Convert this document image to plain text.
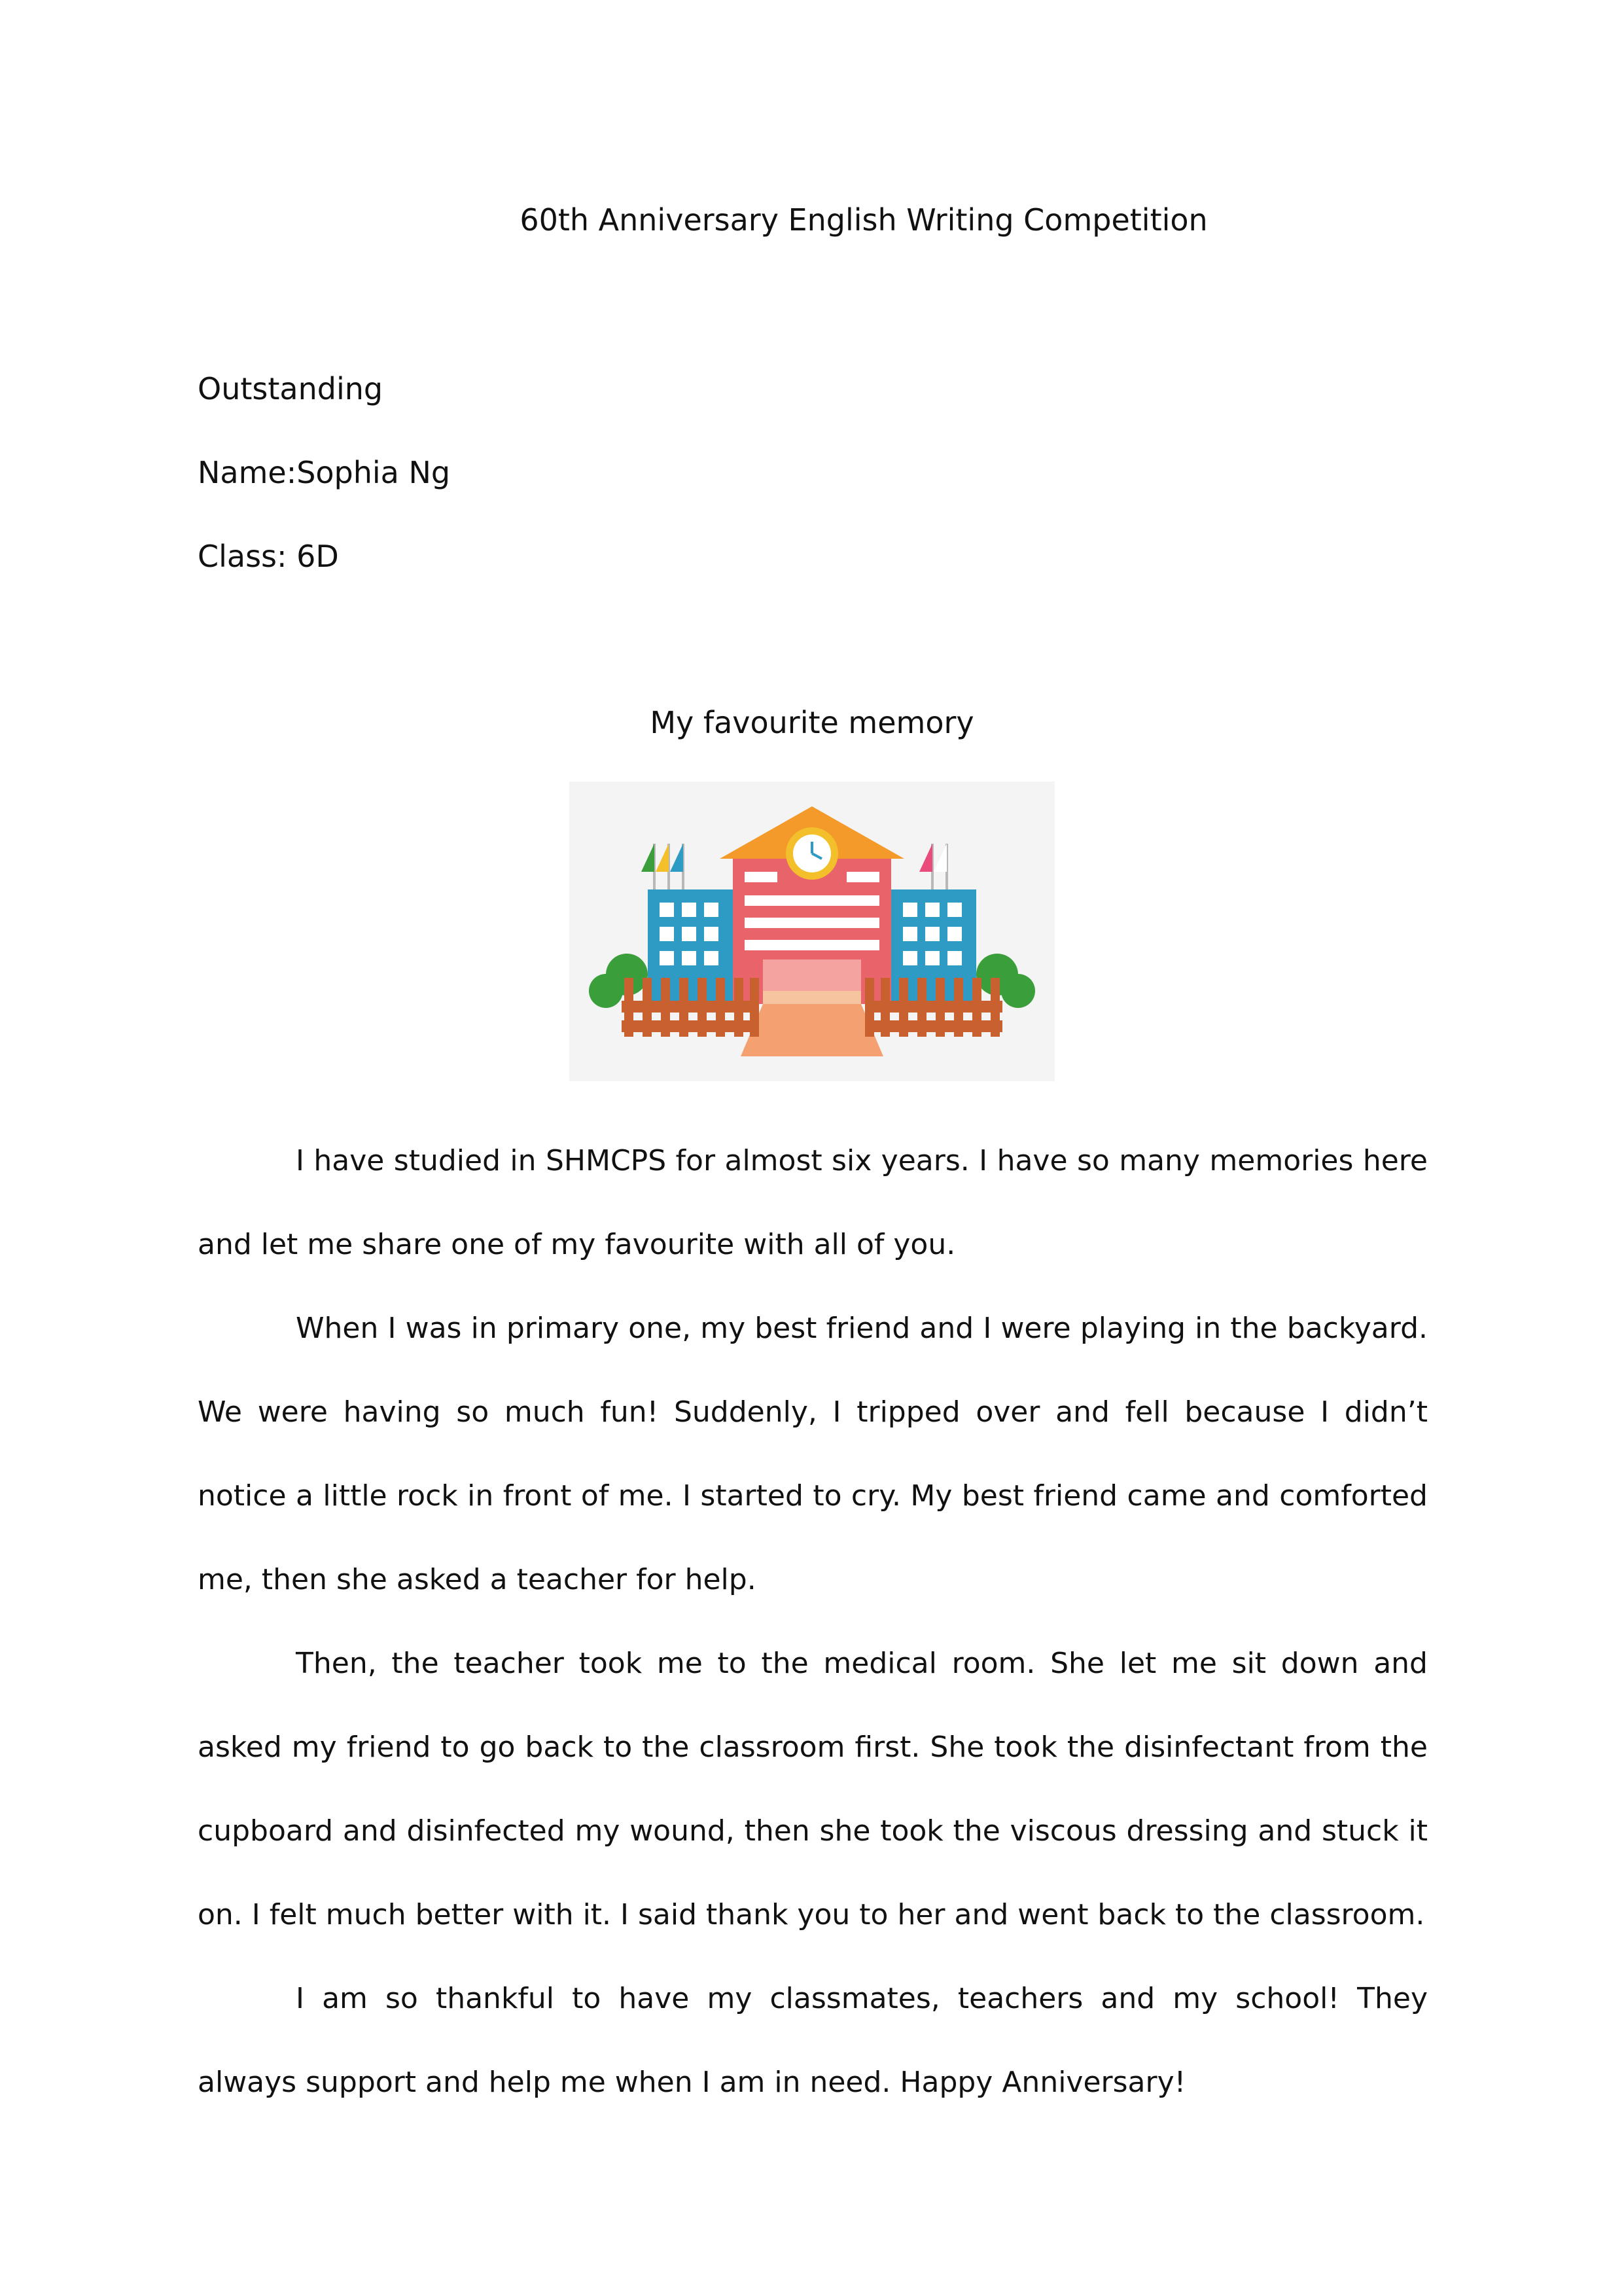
60th Anniversary English Writing Competition
Outstanding
Name:Sophia Ng
Class: 6D
My favourite memory

I have studied in SHMCPS for almost six years. I have so many memories here and let me share one of my favourite with all of you.

When I was in primary one, my best friend and I were playing in the backyard. We were having so much fun! Suddenly, I tripped over and fell because I didn’t notice a little rock in front of me. I started to cry. My best friend came and comforted me, then she asked a teacher for help.

Then, the teacher took me to the medical room. She let me sit down and asked my friend to go back to the classroom first. She took the disinfectant from the cupboard and disinfected my wound, then she took the viscous dressing and stuck it on. I felt much better with it. I said thank you to her and went back to the classroom.

I am so thankful to have my classmates, teachers and my school! They always support and help me when I am in need. Happy Anniversary!
